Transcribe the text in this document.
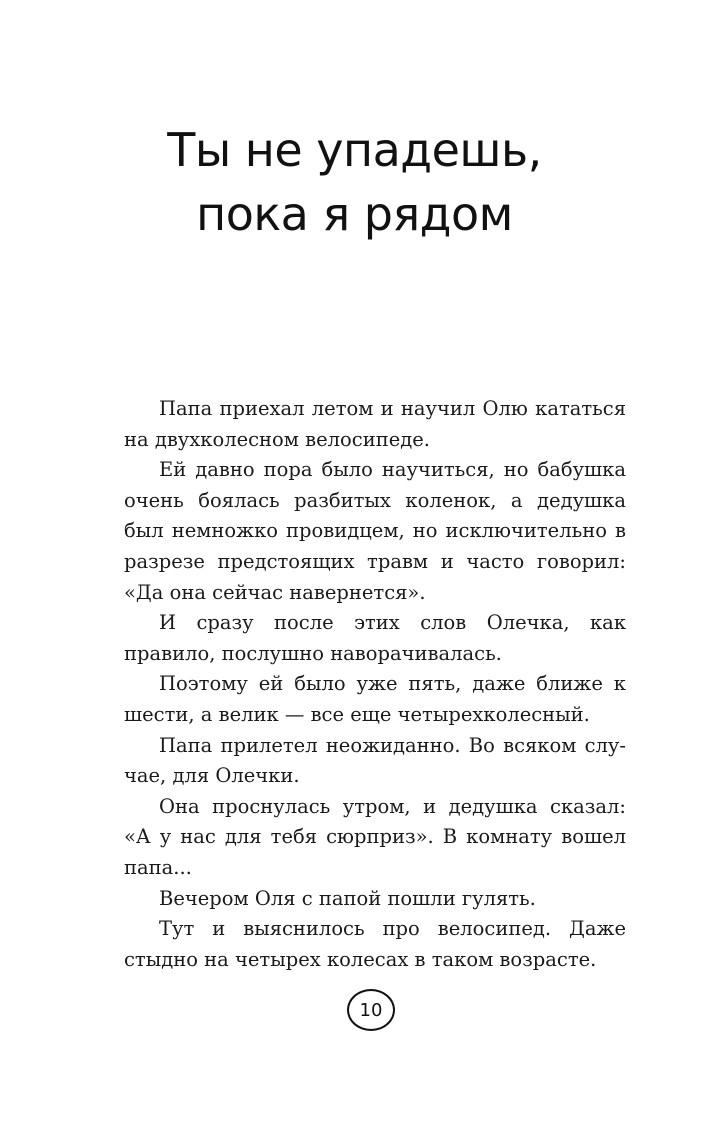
Ты не упадешь,
пока я рядом

Папа приехал летом и научил Олю кататься на двухколесном велосипеде.

Ей давно пора было научиться, но бабушка очень боялась разбитых коленок, а дедушка был немножко провидцем, но исключительно в разрезе предстоящих травм и часто говорил: «Да она сейчас навернется».

И сразу после этих слов Олечка, как правило, послушно наворачивалась.

Поэтому ей было уже пять, даже ближе к шести, а велик — все еще четырехколесный.

Папа прилетел неожиданно. Во всяком случае, для Олечки.

Она проснулась утром, и дедушка сказал: «А у нас для тебя сюрприз». В комнату вошел папа...

Вечером Оля с папой пошли гулять.

Тут и выяснилось про велосипед. Даже стыдно на четырех колесах в таком возрасте.

10
